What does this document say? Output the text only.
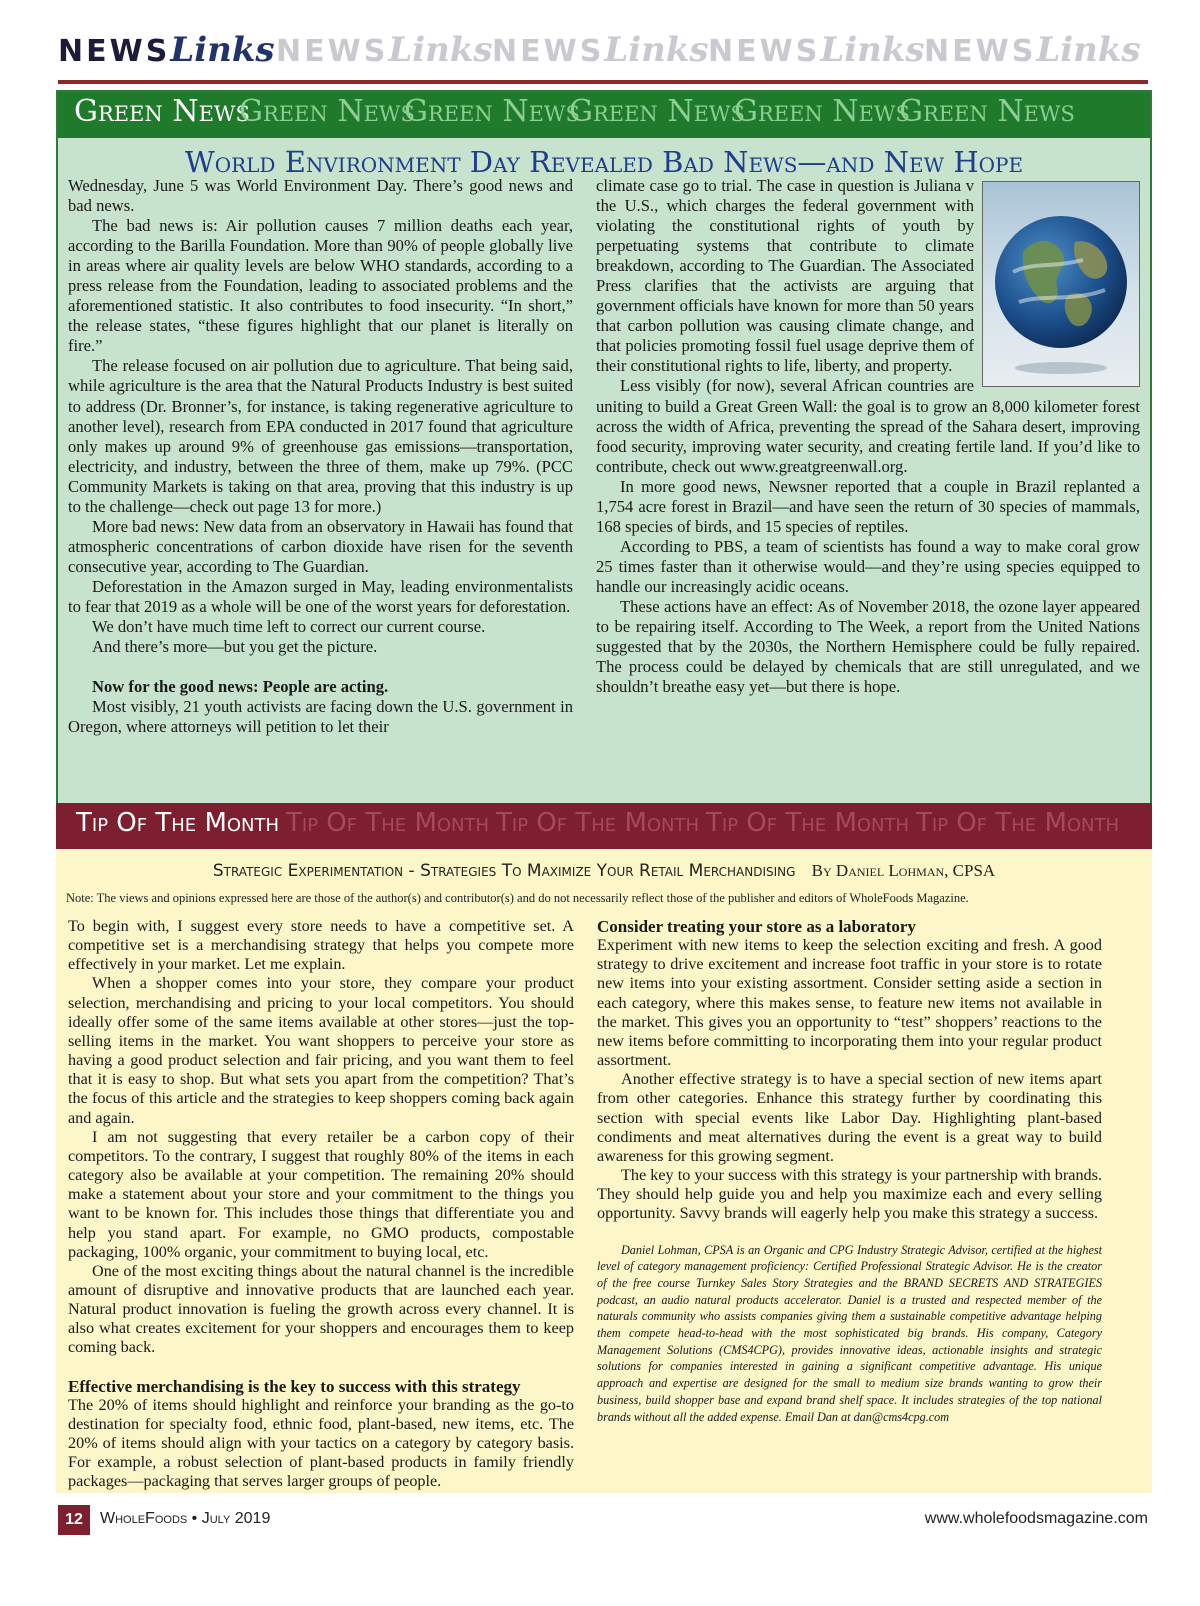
NEWSLinks NEWSLinks NEWSLinks NEWSLinks NEWSLinks
Green News
Green News
Green News
Green News
Green News
Green News
World Environment Day Revealed Bad News—and New Hope

Wednesday, June 5 was World Environment Day. There’s good news and bad news.

The bad news is: Air pollution causes 7 million deaths each year, according to the Barilla Foundation. More than 90% of people globally live in areas where air quality levels are below WHO standards, according to a press release from the Foundation, leading to associated problems and the aforementioned statistic. It also contributes to food insecurity. “In short,” the release states, “these figures highlight that our planet is literally on fire.”

The release focused on air pollution due to agriculture. That being said, while agriculture is the area that the Natural Products Industry is best suited to address (Dr. Bronner’s, for instance, is taking regenerative agriculture to another level), research from EPA conducted in 2017 found that agriculture only makes up around 9% of greenhouse gas emissions—transportation, electricity, and industry, between the three of them, make up 79%. (PCC Community Markets is taking on that area, proving that this industry is up to the challenge—check out page 13 for more.)

More bad news: New data from an observatory in Hawaii has found that atmospheric concentrations of carbon dioxide have risen for the seventh consecutive year, according to The Guardian.

Deforestation in the Amazon surged in May, leading environmentalists to fear that 2019 as a whole will be one of the worst years for deforestation.

We don’t have much time left to correct our current course.

And there’s more—but you get the picture.

Now for the good news: People are acting.

Most visibly, 21 youth activists are facing down the U.S. government in Oregon, where attorneys will petition to let their

climate case go to trial. The case in question is Juliana v the U.S., which charges the federal government with violating the constitutional rights of youth by perpetuating systems that contribute to climate breakdown, according to The Guardian. The Associated Press clarifies that the activists are arguing that government officials have known for more than 50 years that carbon pollution was causing climate change, and that policies promoting fossil fuel usage deprive them of their constitutional rights to life, liberty, and property.

Less visibly (for now), several African countries are uniting to build a Great Green Wall: the goal is to grow an 8,000 kilometer forest across the width of Africa, preventing the spread of the Sahara desert, improving food security, improving water security, and creating fertile land. If you’d like to contribute, check out www.greatgreenwall.org.

In more good news, Newsner reported that a couple in Brazil replanted a 1,754 acre forest in Brazil—and have seen the return of 30 species of mammals, 168 species of birds, and 15 species of reptiles.

According to PBS, a team of scientists has found a way to make coral grow 25 times faster than it otherwise would—and they’re using species equipped to handle our increasingly acidic oceans.

These actions have an effect: As of November 2018, the ozone layer appeared to be repairing itself. According to The Week, a report from the United Nations suggested that by the 2030s, the Northern Hemisphere could be fully repaired. The process could be delayed by chemicals that are still unregulated, and we shouldn’t breathe easy yet—but there is hope.

Tip Of The Month Tip Of The Month Tip Of The Month Tip Of The Month Tip Of The Month
Strategic Experimentation - Strategies To Maximize Your Retail Merchandising By Daniel Lohman, CPSA
Note: The views and opinions expressed here are those of the author(s) and contributor(s) and do not necessarily reflect those of the publisher and editors of WholeFoods Magazine.

To begin with, I suggest every store needs to have a competitive set. A competitive set is a merchandising strategy that helps you compete more effectively in your market. Let me explain.

When a shopper comes into your store, they compare your product selection, merchandising and pricing to your local competitors. You should ideally offer some of the same items available at other stores—just the top-selling items in the market. You want shoppers to perceive your store as having a good product selection and fair pricing, and you want them to feel that it is easy to shop. But what sets you apart from the competition? That’s the focus of this article and the strategies to keep shoppers coming back again and again.

I am not suggesting that every retailer be a carbon copy of their competitors. To the contrary, I suggest that roughly 80% of the items in each category also be available at your competition. The remaining 20% should make a statement about your store and your commitment to the things you want to be known for. This includes those things that differentiate you and help you stand apart. For example, no GMO products, compostable packaging, 100% organic, your commitment to buying local, etc.

One of the most exciting things about the natural channel is the incredible amount of disruptive and innovative products that are launched each year. Natural product innovation is fueling the growth across every channel. It is also what creates excitement for your shoppers and encourages them to keep coming back.

Effective merchandising is the key to success with this strategy

The 20% of items should highlight and reinforce your branding as the go-to destination for specialty food, ethnic food, plant-based, new items, etc. The 20% of items should align with your tactics on a category by category basis. For example, a robust selection of plant-based products in family friendly packages—packaging that serves larger groups of people.

Consider treating your store as a laboratory

Experiment with new items to keep the selection exciting and fresh. A good strategy to drive excitement and increase foot traffic in your store is to rotate new items into your existing assortment. Consider setting aside a section in each category, where this makes sense, to feature new items not available in the market. This gives you an opportunity to “test” shoppers’ reactions to the new items before committing to incorporating them into your regular product assortment.

Another effective strategy is to have a special section of new items apart from other categories. Enhance this strategy further by coordinating this section with special events like Labor Day. Highlighting plant-based condiments and meat alternatives during the event is a great way to build awareness for this growing segment.

The key to your success with this strategy is your partnership with brands. They should help guide you and help you maximize each and every selling opportunity. Savvy brands will eagerly help you make this strategy a success.

Daniel Lohman, CPSA is an Organic and CPG Industry Strategic Advisor, certified at the highest level of category management proficiency: Certified Professional Strategic Advisor. He is the creator of the free course Turnkey Sales Story Strategies and the BRAND SECRETS AND STRATEGIES podcast, an audio natural products accelerator. Daniel is a trusted and respected member of the naturals community who assists companies giving them a sustainable competitive advantage helping them compete head-to-head with the most sophisticated big brands. His company, Category Management Solutions (CMS4CPG), provides innovative ideas, actionable insights and strategic solutions for companies interested in gaining a significant competitive advantage. His unique approach and expertise are designed for the small to medium size brands wanting to grow their business, build shopper base and expand brand shelf space. It includes strategies of the top national brands without all the added expense. Email Dan at dan@cms4cpg.com

12	WholeFoods • July 2019	www.wholefoodsmagazine.com
